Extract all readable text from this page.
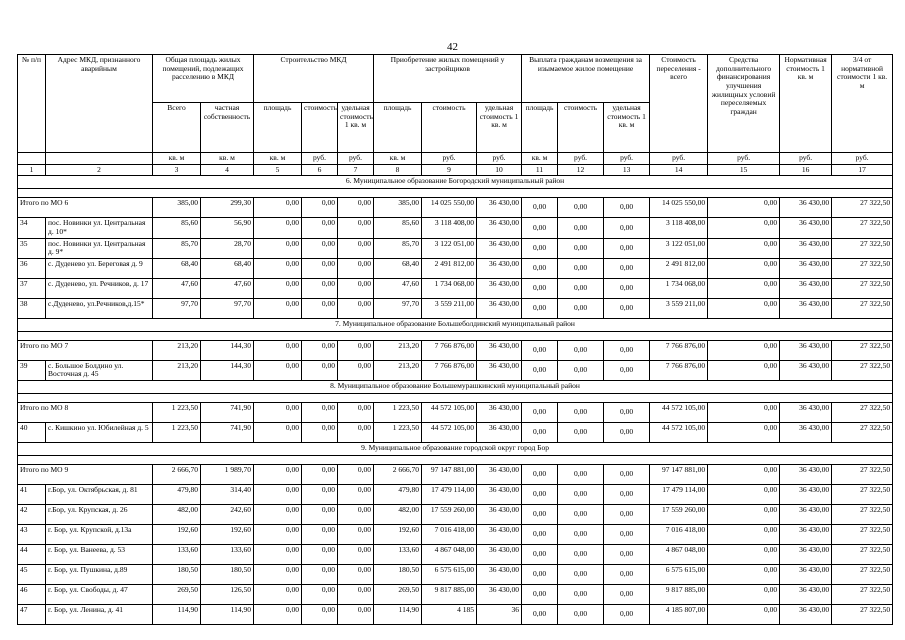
42
№ п/п	Адрес МКД, признанного аварийным	Общая площадь жилых помещений, подлежащих расселению в МКД		Строительство МКД			Приобретение жилых помещений у застройщиков			Выплата гражданам возмещения за изымаемое жилое помещение			Стоимость переселения - всего	Средства дополнительного финансирования улучшения жилищных условий переселяемых граждан	Нормативная стоимость 1 кв. м	3/4 от нормативной стоимости 1 кв. м
		Всего	частная собственность	площадь	стоимость	удельная стоимость 1 кв. м	площадь	стоимость	удельная стоимость 1 кв. м	площадь	стоимость	удельная стоимость 1 кв. м				
		кв. м	кв. м	кв. м	руб.	руб.	кв. м	руб.	руб.	кв. м	руб.	руб.	руб.	руб.	руб.	руб.
1	2	3	4	5	6	7	8	9	10	11	12	13	14	15	16	17
6. Муниципальное образование Богородский муниципальный район																

Итого по МО 6		385,00	299,30	0,00	0,00	0,00	385,00	14 025 550,00	36 430,00	0,00	0,00	0,00	14 025 550,00	0,00	36 430,00	27 322,50
34	пос. Новинки ул. Центральная д. 10*	85,60	56,90	0,00	0,00	0,00	85,60	3 118 408,00	36 430,00	0,00	0,00	0,00	3 118 408,00	0,00	36 430,00	27 322,50
35	пос. Новинки ул. Центральная д. 9*	85,70	28,70	0,00	0,00	0,00	85,70	3 122 051,00	36 430,00	0,00	0,00	0,00	3 122 051,00	0,00	36 430,00	27 322,50
36	с. Дуденево ул. Береговая д. 9	68,40	68,40	0,00	0,00	0,00	68,40	2 491 812,00	36 430,00	0,00	0,00	0,00	2 491 812,00	0,00	36 430,00	27 322,50
37	с. Дуденево, ул. Речников, д. 17	47,60	47,60	0,00	0,00	0,00	47,60	1 734 068,00	36 430,00	0,00	0,00	0,00	1 734 068,00	0,00	36 430,00	27 322,50
38	с.Дуденево, ул.Речников,д.15*	97,70	97,70	0,00	0,00	0,00	97,70	3 559 211,00	36 430,00	0,00	0,00	0,00	3 559 211,00	0,00	36 430,00	27 322,50
7. Муниципальное образование Большеболдинский муниципальный район																

Итого по МО 7		213,20	144,30	0,00	0,00	0,00	213,20	7 766 876,00	36 430,00	0,00	0,00	0,00	7 766 876,00	0,00	36 430,00	27 322,50
39	с. Большое Болдино ул. Восточная д. 45	213,20	144,30	0,00	0,00	0,00	213,20	7 766 876,00	36 430,00	0,00	0,00	0,00	7 766 876,00	0,00	36 430,00	27 322,50
8. Муниципальное образование Большемурашкинский муниципальный район																

Итого по МО 8		1 223,50	741,90	0,00	0,00	0,00	1 223,50	44 572 105,00	36 430,00	0,00	0,00	0,00	44 572 105,00	0,00	36 430,00	27 322,50
40	с. Кишкино ул. Юбилейная д. 5	1 223,50	741,90	0,00	0,00	0,00	1 223,50	44 572 105,00	36 430,00	0,00	0,00	0,00	44 572 105,00	0,00	36 430,00	27 322,50
9. Муниципальное образование городской округ город Бор																

Итого по МО 9		2 666,70	1 989,70	0,00	0,00	0,00	2 666,70	97 147 881,00	36 430,00	0,00	0,00	0,00	97 147 881,00	0,00	36 430,00	27 322,50
41	г.Бор, ул. Октябрьская, д. 81	479,80	314,40	0,00	0,00	0,00	479,80	17 479 114,00	36 430,00	0,00	0,00	0,00	17 479 114,00	0,00	36 430,00	27 322,50
42	г.Бор, ул. Крупская, д. 26	482,00	242,60	0,00	0,00	0,00	482,00	17 559 260,00	36 430,00	0,00	0,00	0,00	17 559 260,00	0,00	36 430,00	27 322,50
43	г. Бор, ул. Крупской, д.13а	192,60	192,60	0,00	0,00	0,00	192,60	7 016 418,00	36 430,00	0,00	0,00	0,00	7 016 418,00	0,00	36 430,00	27 322,50
44	г. Бор, ул. Ванеева, д. 53	133,60	133,60	0,00	0,00	0,00	133,60	4 867 048,00	36 430,00	0,00	0,00	0,00	4 867 048,00	0,00	36 430,00	27 322,50
45	г. Бор, ул. Пушкина, д.89	180,50	180,50	0,00	0,00	0,00	180,50	6 575 615,00	36 430,00	0,00	0,00	0,00	6 575 615,00	0,00	36 430,00	27 322,50
46	г. Бор, ул. Свободы, д. 47	269,50	126,50	0,00	0,00	0,00	269,50	9 817 885,00	36 430,00	0,00	0,00	0,00	9 817 885,00	0,00	36 430,00	27 322,50
47	г. Бор, ул. Ленина, д. 41	114,90	114,90	0,00	0,00	0,00	114,90	4 185	36	0,00	0,00	0,00	4 185 807,00	0,00	36 430,00	27 322,50
